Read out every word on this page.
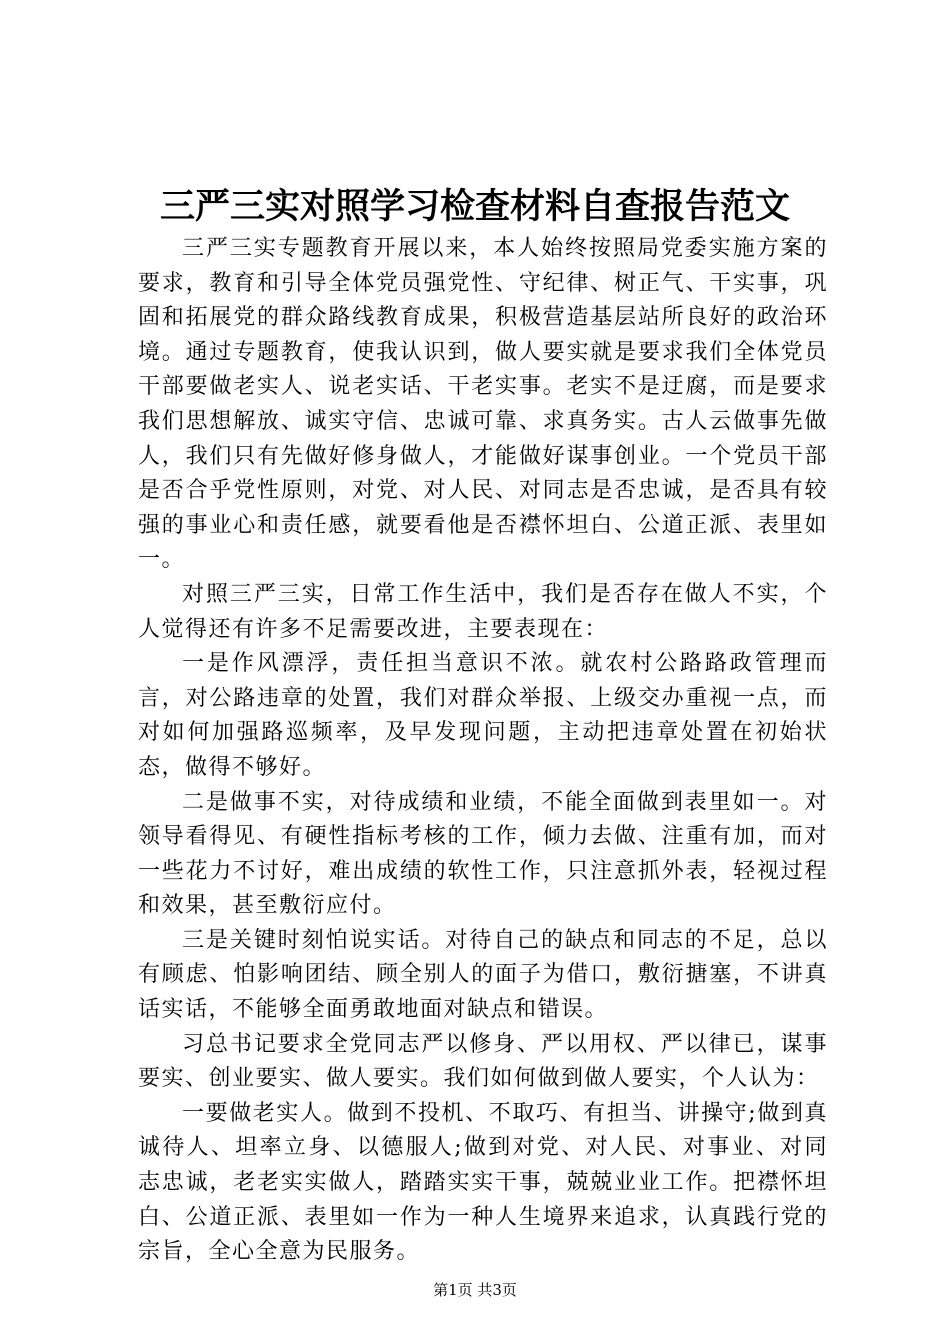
三严三实对照学习检查材料自查报告范文

三严三实专题教育开展以来，本人始终按照局党委实施方案的要求，教育和引导全体党员强党性、守纪律、树正气、干实事，巩固和拓展党的群众路线教育成果，积极营造基层站所良好的政治环境。通过专题教育，使我认识到，做人要实就是要求我们全体党员干部要做老实人、说老实话、干老实事。老实不是迂腐，而是要求我们思想解放、诚实守信、忠诚可靠、求真务实。古人云做事先做人，我们只有先做好修身做人，才能做好谋事创业。一个党员干部是否合乎党性原则，对党、对人民、对同志是否忠诚，是否具有较强的事业心和责任感，就要看他是否襟怀坦白、公道正派、表里如一。

对照三严三实，日常工作生活中，我们是否存在做人不实，个人觉得还有许多不足需要改进，主要表现在：

一是作风漂浮，责任担当意识不浓。就农村公路路政管理而言，对公路违章的处置，我们对群众举报、上级交办重视一点，而对如何加强路巡频率，及早发现问题，主动把违章处置在初始状态，做得不够好。

二是做事不实，对待成绩和业绩，不能全面做到表里如一。对领导看得见、有硬性指标考核的工作，倾力去做、注重有加，而对一些花力不讨好，难出成绩的软性工作，只注意抓外表，轻视过程和效果，甚至敷衍应付。

三是关键时刻怕说实话。对待自己的缺点和同志的不足，总以有顾虑、怕影响团结、顾全别人的面子为借口，敷衍搪塞，不讲真话实话，不能够全面勇敢地面对缺点和错误。

习总书记要求全党同志严以修身、严以用权、严以律已，谋事要实、创业要实、做人要实。我们如何做到做人要实，个人认为：

一要做老实人。做到不投机、不取巧、有担当、讲操守;做到真诚待人、坦率立身、以德服人;做到对党、对人民、对事业、对同志忠诚，老老实实做人，踏踏实实干事，兢兢业业工作。把襟怀坦白、公道正派、表里如一作为一种人生境界来追求，认真践行党的宗旨，全心全意为民服务。

第1页 共3页
